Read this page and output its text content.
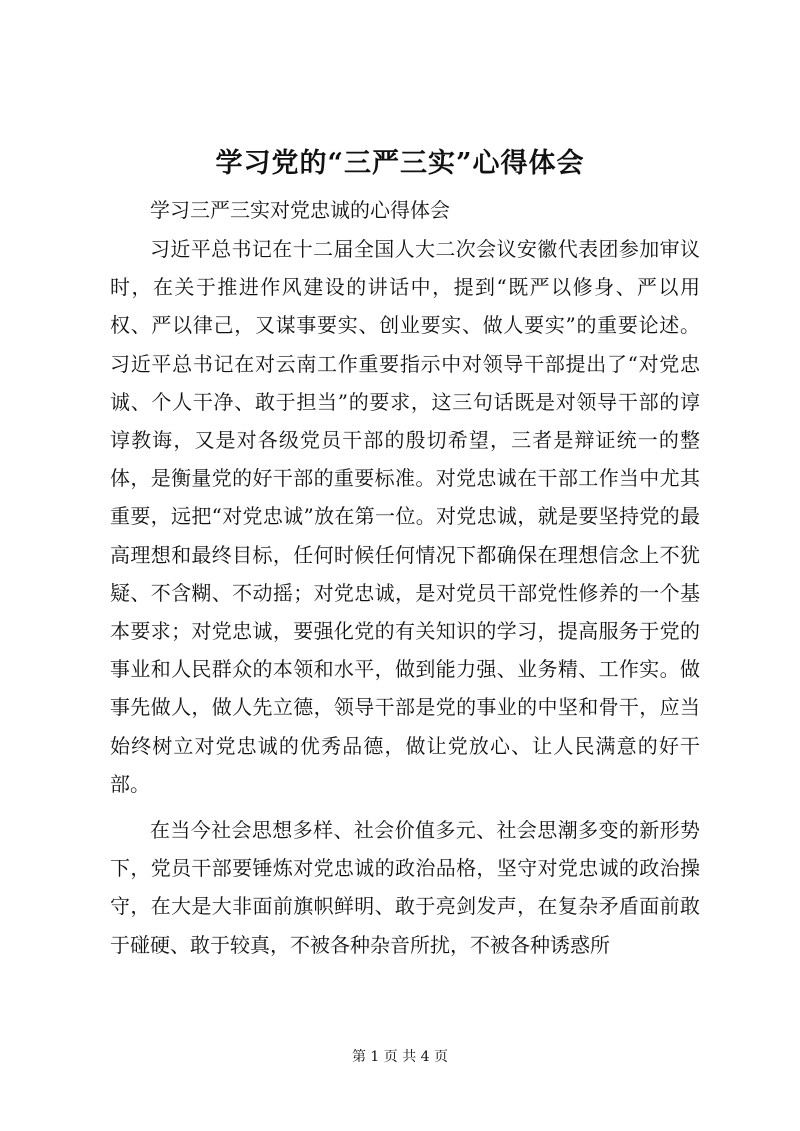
学习党的“三严三实”心得体会

学习三严三实对党忠诚的心得体会

习近平总书记在十二届全国人大二次会议安徽代表团参加审议时，在关于推进作风建设的讲话中，提到“既严以修身、严以用权、严以律己，又谋事要实、创业要实、做人要实”的重要论述。习近平总书记在对云南工作重要指示中对领导干部提出了“对党忠诚、个人干净、敢于担当”的要求，这三句话既是对领导干部的谆谆教诲，又是对各级党员干部的殷切希望，三者是辩证统一的整体，是衡量党的好干部的重要标准。对党忠诚在干部工作当中尤其重要，远把“对党忠诚”放在第一位。对党忠诚，就是要坚持党的最高理想和最终目标，任何时候任何情况下都确保在理想信念上不犹疑、不含糊、不动摇；对党忠诚，是对党员干部党性修养的一个基本要求；对党忠诚，要强化党的有关知识的学习，提高服务于党的事业和人民群众的本领和水平，做到能力强、业务精、工作实。做事先做人，做人先立德，领导干部是党的事业的中坚和骨干，应当始终树立对党忠诚的优秀品德，做让党放心、让人民满意的好干部。

在当今社会思想多样、社会价值多元、社会思潮多变的新形势下，党员干部要锤炼对党忠诚的政治品格，坚守对党忠诚的政治操守，在大是大非面前旗帜鲜明、敢于亮剑发声，在复杂矛盾面前敢于碰硬、敢于较真，不被各种杂音所扰，不被各种诱惑所

第 1 页 共 4 页
